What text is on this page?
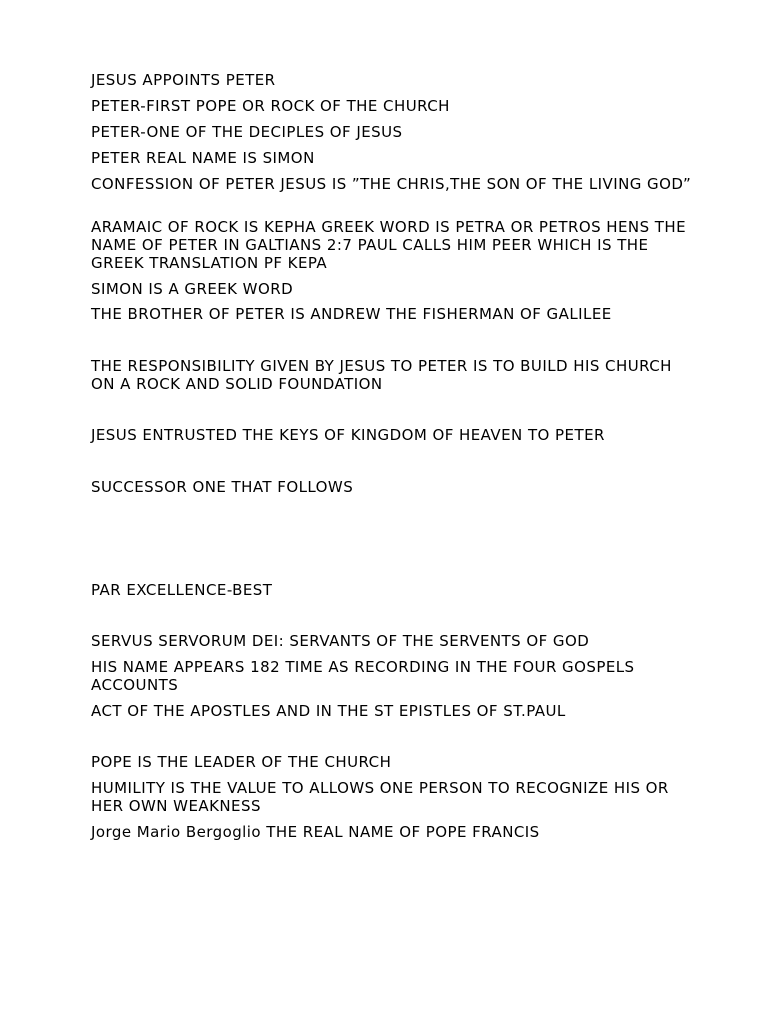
JESUS APPOINTS PETER

PETER-FIRST POPE OR ROCK OF THE CHURCH

PETER-ONE OF THE DECIPLES OF JESUS

PETER REAL NAME IS SIMON

CONFESSION OF PETER JESUS IS ”THE CHRIS,THE SON OF THE LIVING GOD”

ARAMAIC OF ROCK IS KEPHA GREEK WORD IS PETRA OR PETROS HENS THE NAME OF PETER IN GALTIANS 2:7 PAUL CALLS HIM PEER WHICH IS THE GREEK TRANSLATION PF KEPA

SIMON IS A GREEK WORD

THE BROTHER OF PETER IS ANDREW THE FISHERMAN OF GALILEE

THE RESPONSIBILITY GIVEN BY JESUS TO PETER IS TO BUILD HIS CHURCH ON A ROCK AND SOLID FOUNDATION

JESUS ENTRUSTED THE KEYS OF KINGDOM OF HEAVEN TO PETER

SUCCESSOR ONE THAT FOLLOWS

PAR EXCELLENCE-BEST

SERVUS SERVORUM DEI: SERVANTS OF THE SERVENTS OF GOD

HIS NAME APPEARS 182 TIME AS RECORDING IN THE FOUR GOSPELS ACCOUNTS

ACT OF THE APOSTLES AND IN THE ST EPISTLES OF ST.PAUL

POPE IS THE LEADER OF THE CHURCH

HUMILITY IS THE VALUE TO ALLOWS ONE PERSON TO RECOGNIZE HIS OR HER OWN WEAKNESS

Jorge Mario Bergoglio THE REAL NAME OF POPE FRANCIS
